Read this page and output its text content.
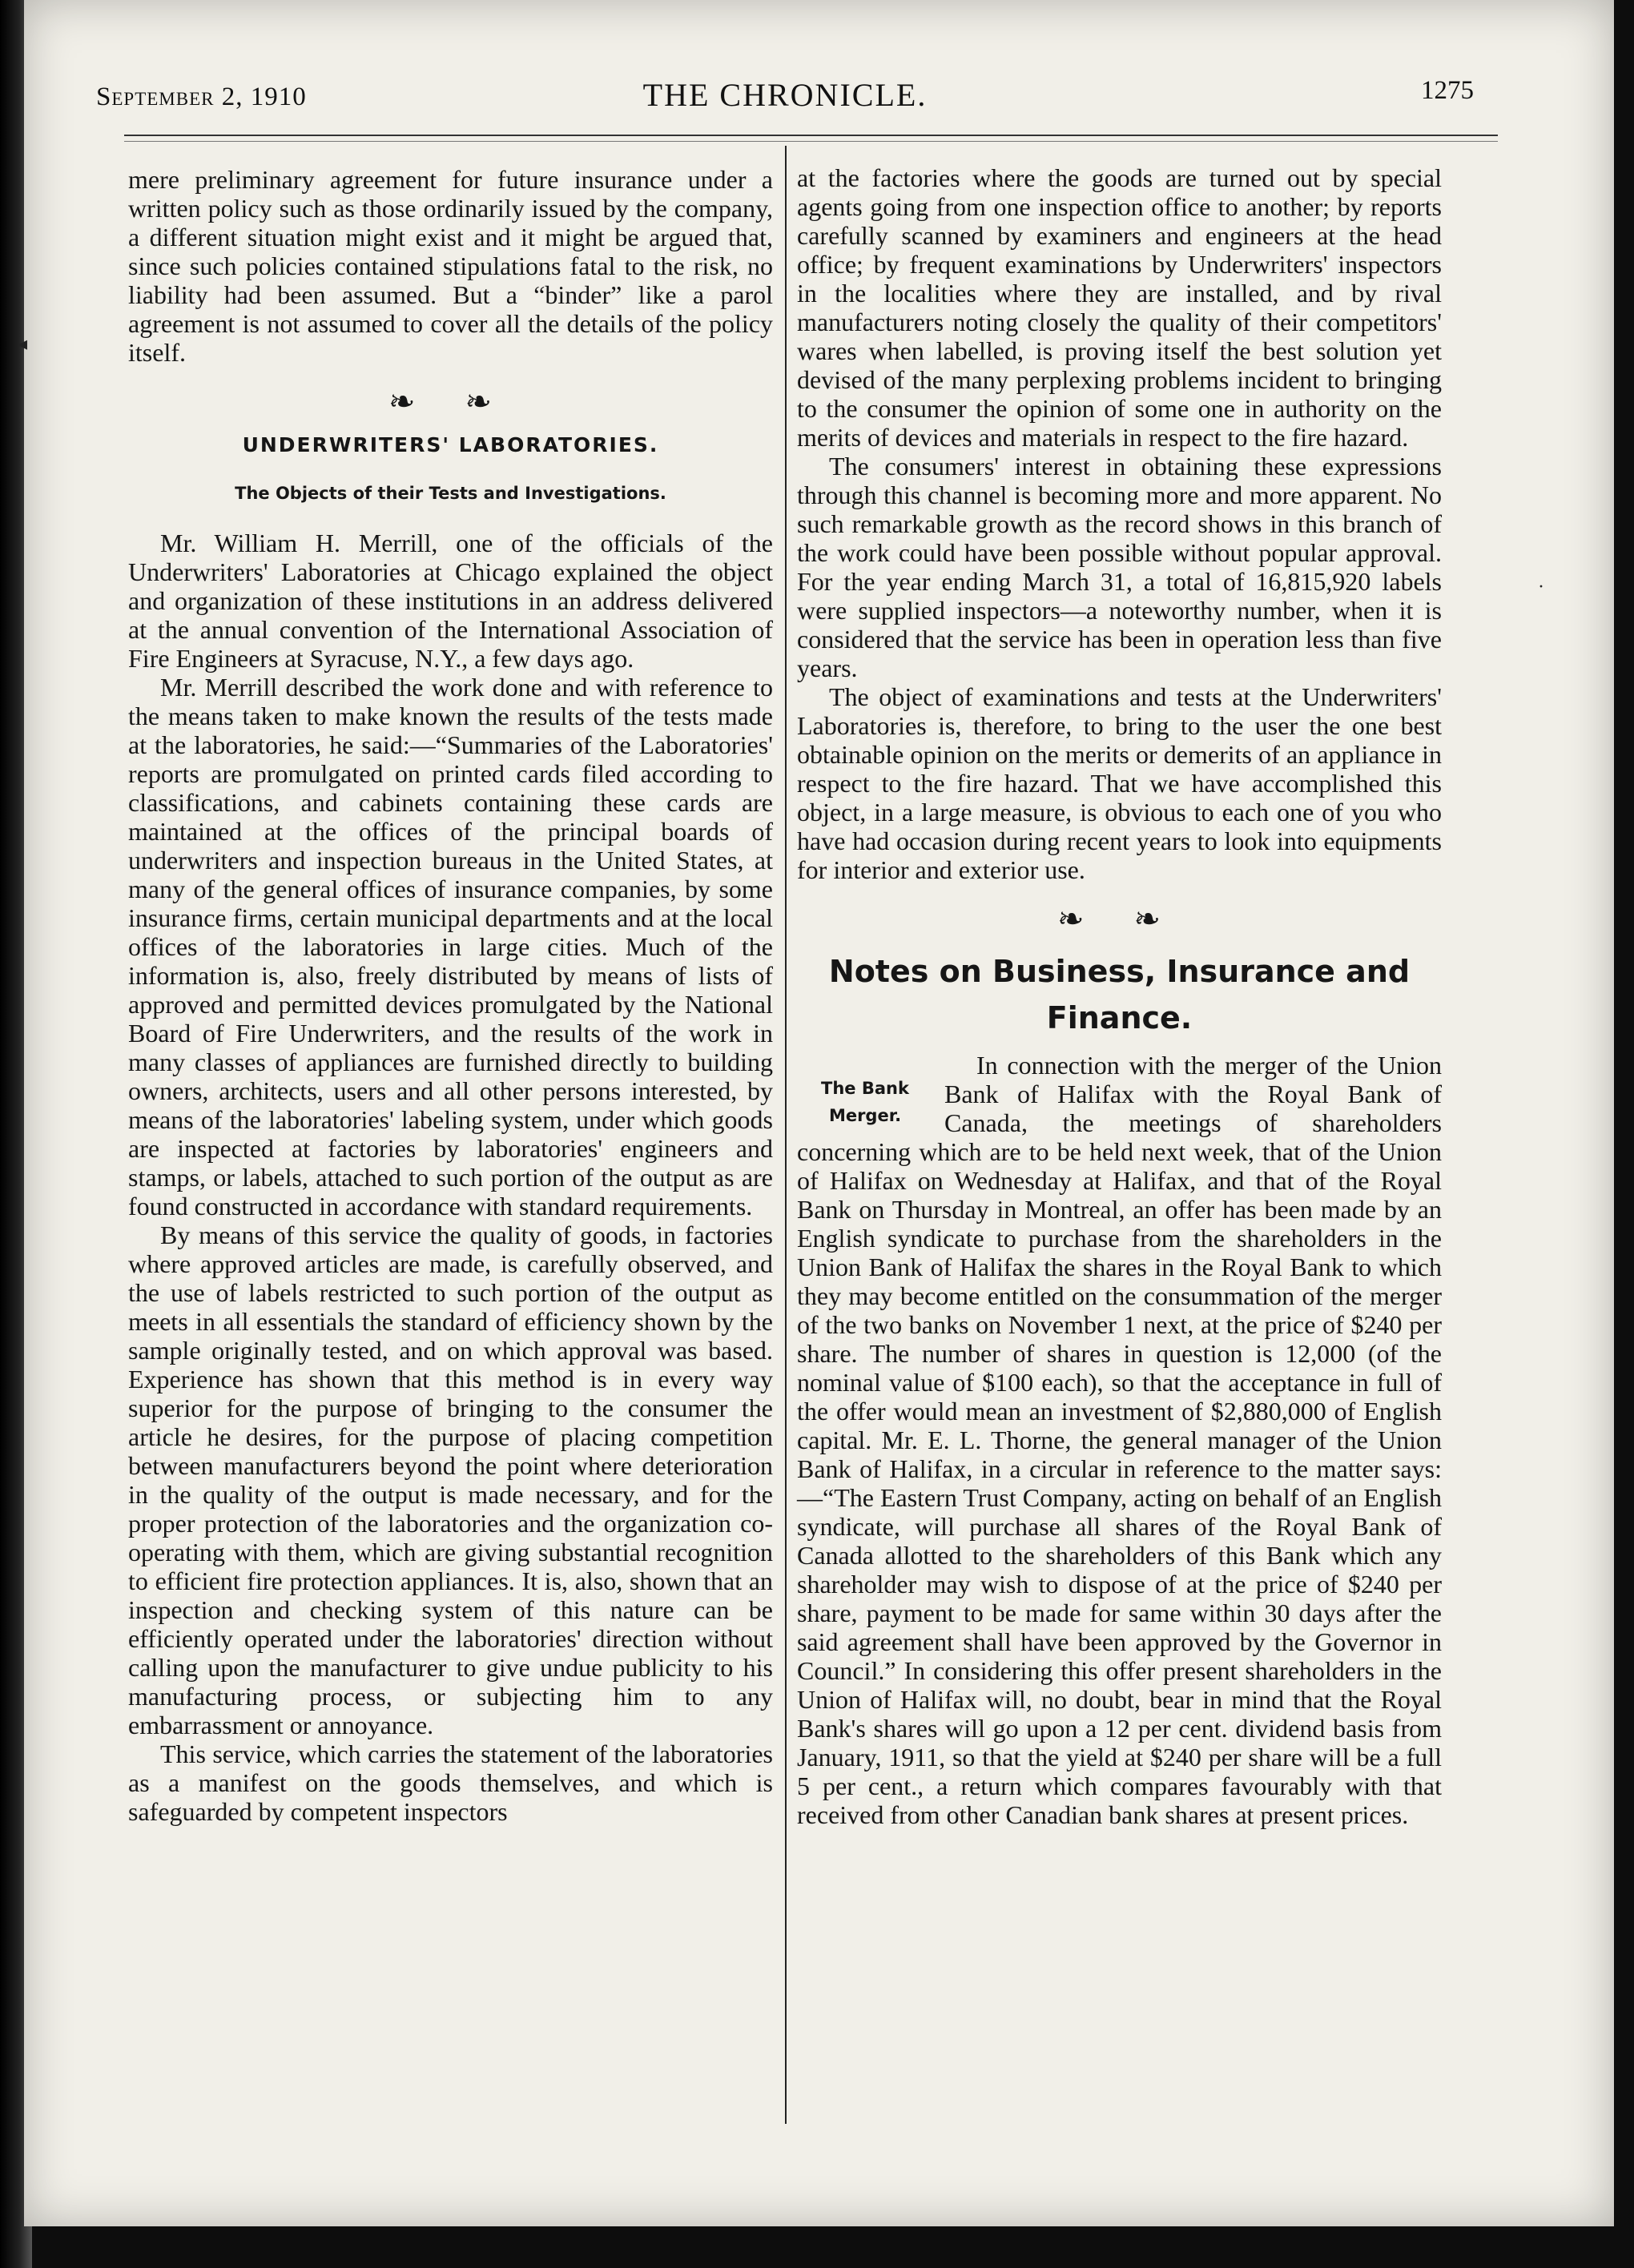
September 2, 1910	THE CHRONICLE.	1275
◂
·

mere preliminary agreement for future insurance under a written policy such as those ordinarily issued by the company, a different situation might exist and it might be argued that, since such policies contained stipulations fatal to the risk, no liability had been assumed. But a “binder” like a parol agreement is not assumed to cover all the details of the policy itself.

❧ ❧
UNDERWRITERS' LABORATORIES.
The Objects of their Tests and Investigations.

Mr. William H. Merrill, one of the officials of the Underwriters' Laboratories at Chicago explained the object and organization of these institutions in an address delivered at the annual convention of the International Association of Fire Engineers at Syracuse, N.Y., a few days ago.

Mr. Merrill described the work done and with reference to the means taken to make known the results of the tests made at the laboratories, he said:—“Summaries of the Laboratories' reports are promulgated on printed cards filed according to classifications, and cabinets containing these cards are maintained at the offices of the principal boards of underwriters and inspection bureaus in the United States, at many of the general offices of insurance companies, by some insurance firms, certain municipal departments and at the local offices of the laboratories in large cities. Much of the information is, also, freely distributed by means of lists of approved and permitted devices promulgated by the National Board of Fire Underwriters, and the results of the work in many classes of appliances are furnished directly to building owners, architects, users and all other persons interested, by means of the laboratories' labeling system, under which goods are inspected at factories by laboratories' engineers and stamps, or labels, attached to such portion of the output as are found constructed in accordance with standard requirements.

By means of this service the quality of goods, in factories where approved articles are made, is carefully observed, and the use of labels restricted to such portion of the output as meets in all essentials the standard of efficiency shown by the sample originally tested, and on which approval was based. Experience has shown that this method is in every way superior for the purpose of bringing to the consumer the article he desires, for the purpose of placing competition between manufacturers beyond the point where deterioration in the quality of the output is made necessary, and for the proper protection of the laboratories and the organization co-operating with them, which are giving substantial recognition to efficient fire protection appliances. It is, also, shown that an inspection and checking system of this nature can be efficiently operated under the laboratories' direction without calling upon the manufacturer to give undue publicity to his manufacturing process, or subjecting him to any embarrassment or annoyance.

This service, which carries the statement of the laboratories as a manifest on the goods themselves, and which is safeguarded by competent inspectors

at the factories where the goods are turned out by special agents going from one inspection office to another; by reports carefully scanned by examiners and engineers at the head office; by frequent examinations by Underwriters' inspectors in the localities where they are installed, and by rival manufacturers noting closely the quality of their competitors' wares when labelled, is proving itself the best solution yet devised of the many perplexing problems incident to bringing to the consumer the opinion of some one in authority on the merits of devices and materials in respect to the fire hazard.

The consumers' interest in obtaining these expressions through this channel is becoming more and more apparent. No such remarkable growth as the record shows in this branch of the work could have been possible without popular approval. For the year ending March 31, a total of 16,815,920 labels were supplied inspectors—a noteworthy number, when it is considered that the service has been in operation less than five years.

The object of examinations and tests at the Underwriters' Laboratories is, therefore, to bring to the user the one best obtainable opinion on the merits or demerits of an appliance in respect to the fire hazard. That we have accomplished this object, in a large measure, is obvious to each one of you who have had occasion during recent years to look into equipments for interior and exterior use.

❧ ❧
Notes on Business, Insurance and Finance.
The Bank Merger.

In connection with the merger of the Union Bank of Halifax with the Royal Bank of Canada, the meetings of shareholders concerning which are to be held next week, that of the Union of Halifax on Wednesday at Halifax, and that of the Royal Bank on Thursday in Montreal, an offer has been made by an English syndicate to purchase from the shareholders in the Union Bank of Halifax the shares in the Royal Bank to which they may become entitled on the consummation of the merger of the two banks on November 1 next, at the price of $240 per share. The number of shares in question is 12,000 (of the nominal value of $100 each), so that the acceptance in full of the offer would mean an investment of $2,880,000 of English capital. Mr. E. L. Thorne, the general manager of the Union Bank of Halifax, in a circular in reference to the matter says:—“The Eastern Trust Company, acting on behalf of an English syndicate, will purchase all shares of the Royal Bank of Canada allotted to the shareholders of this Bank which any shareholder may wish to dispose of at the price of $240 per share, payment to be made for same within 30 days after the said agreement shall have been approved by the Governor in Council.” In considering this offer present shareholders in the Union of Halifax will, no doubt, bear in mind that the Royal Bank's shares will go upon a 12 per cent. dividend basis from January, 1911, so that the yield at $240 per share will be a full 5 per cent., a return which compares favourably with that received from other Canadian bank shares at present prices.
